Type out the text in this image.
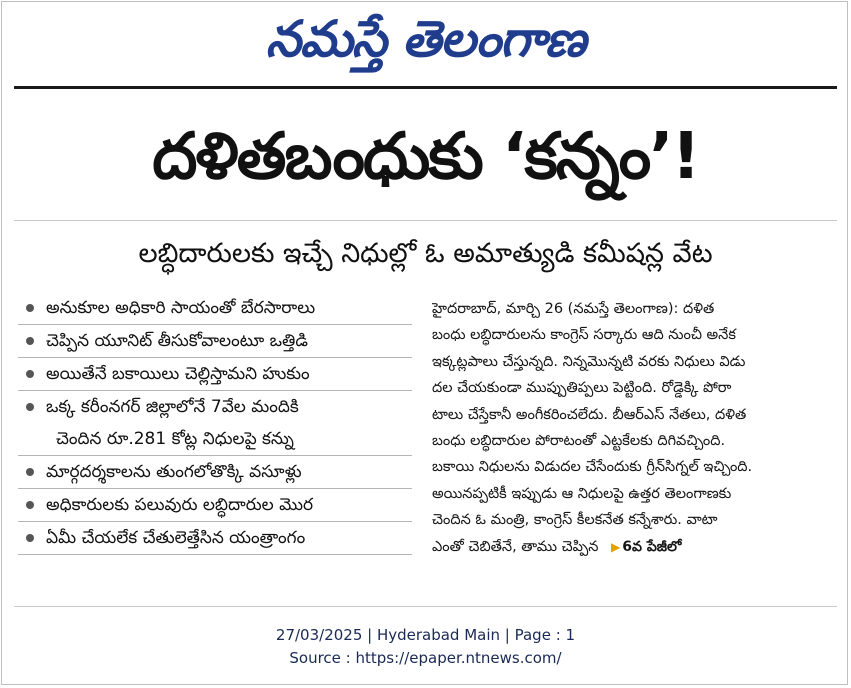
నమస్తే తెలంగాణ
దళితబంధుకు ‘కన్నం’!
లబ్ధిదారులకు ఇచ్చే నిధుల్లో ఓ అమాత్యుడి కమీషన్ల వేట
అనుకూల అధికారి సాయంతో బేరసారాలు
చెప్పిన యూనిట్ తీసుకోవాలంటూ ఒత్తిడి
అయితేనే బకాయిలు చెల్లిస్తామని హుకుం
ఒక్క కరీంనగర్ జిల్లాలోనే 7వేల మందికి
చెందిన రూ.281 కోట్ల నిధులపై కన్ను
మార్గదర్శకాలను తుంగలోతొక్కి వసూళ్లు
అధికారులకు పలువురు లబ్ధిదారుల మొర
ఏమీ చేయలేక చేతులెత్తేసిన యంత్రాంగం
హైదరాబాద్, మార్చి 26 (నమస్తే తెలంగాణ): దళిత
బంధు లబ్ధిదారులను కాంగ్రెస్ సర్కారు ఆది నుంచీ అనేక
ఇక్కట్లపాలు చేస్తున్నది. నిన్నమొన్నటి వరకు నిధులు విడు
దల చేయకుండా ముప్పుతిప్పలు పెట్టింది. రోడ్డెక్కి పోరా
టాలు చేస్తేకానీ అంగీకరించలేదు. బీఆర్ఎస్ నేతలు, దళిత
బంధు లబ్ధిదారుల పోరాటంతో ఎట్టకేలకు దిగివచ్చింది.
బకాయి నిధులను విడుదల చేసేందుకు గ్రీన్‌సిగ్నల్ ఇచ్చింది.
అయినప్పటికీ ఇప్పుడు ఆ నిధులపై ఉత్తర తెలంగాణకు
చెందిన ఓ మంత్రి, కాంగ్రెస్ కీలకనేత కన్నేశారు. వాటా
ఎంతో చెబితేనే, తాము చెప్పిన ▶ 6వ పేజీలో
27/03/2025 | Hyderabad Main | Page : 1
Source : https://epaper.ntnews.com/
